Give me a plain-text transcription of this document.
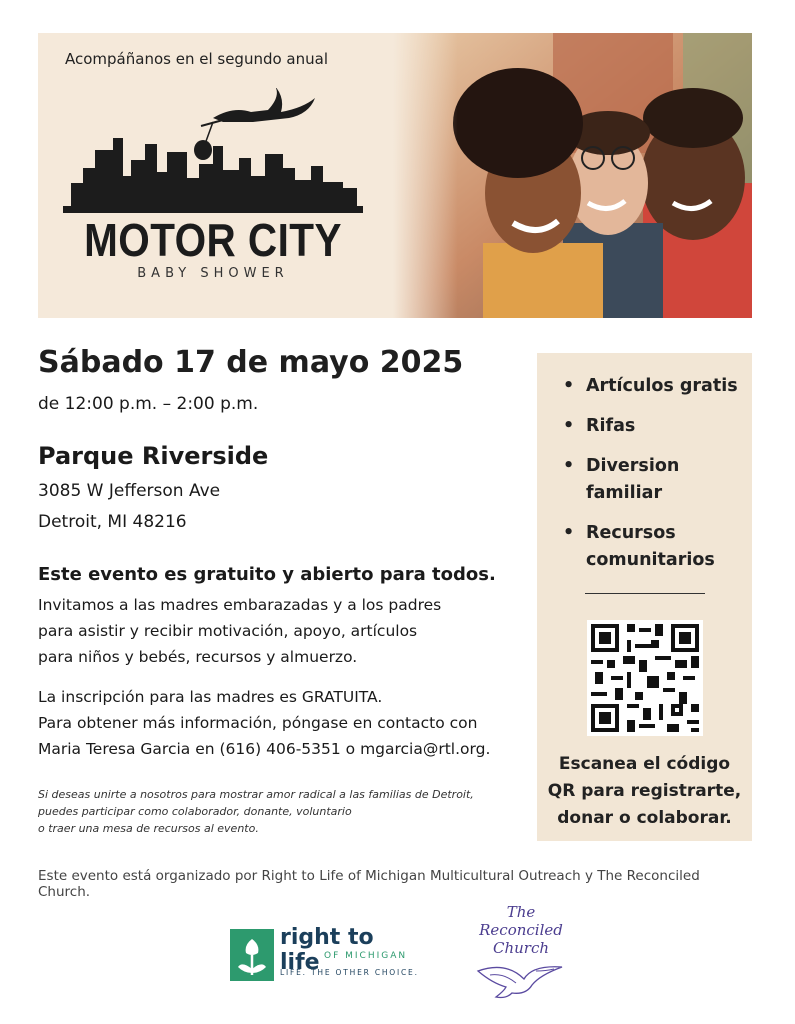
Acompáñanos en el segundo anual
MOTOR CITY
BABY SHOWER
Sábado 17 de mayo 2025
de 12:00 p.m. – 2:00 p.m.
Parque Riverside
3085 W Jefferson Ave
Detroit, MI 48216
Este evento es gratuito y abierto para todos.
Invitamos a las madres embarazadas y a los padres
para asistir y recibir motivación, apoyo, artículos
para niños y bebés, recursos y almuerzo.
La inscripción para las madres es GRATUITA.
Para obtener más información, póngase en contacto con
Maria Teresa Garcia en (616) 406-5351 o mgarcia@rtl.org.
Si deseas unirte a nosotros para mostrar amor radical a las familias de Detroit,
puedes participar como colaborador, donante, voluntario
o traer una mesa de recursos al evento.
• Artículos gratis
• Rifas
• Diversion familiar
• Recursos comunitarios
Escanea el código
QR para registrarte,
donar o colaborar.
Este evento está organizado por Right to Life of Michigan Multicultural Outreach y The Reconciled Church.
right to life OF MICHIGAN
LIFE. THE OTHER CHOICE.
The
Reconciled
Church
